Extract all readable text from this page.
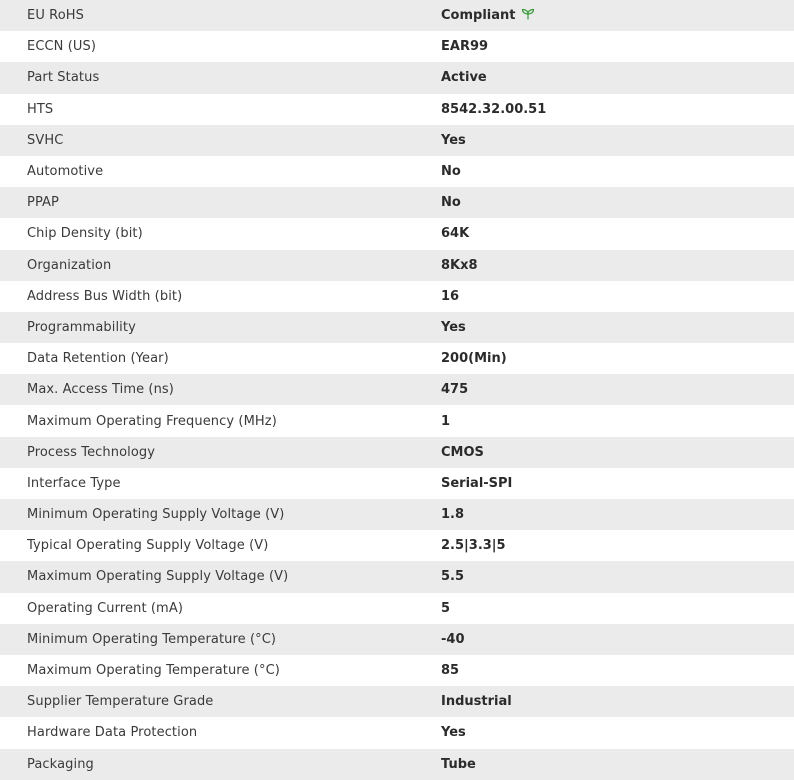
EU RoHS	Compliant
ECCN (US)	EAR99
Part Status	Active
HTS	8542.32.00.51
SVHC	Yes
Automotive	No
PPAP	No
Chip Density (bit)	64K
Organization	8Kx8
Address Bus Width (bit)	16
Programmability	Yes
Data Retention (Year)	200(Min)
Max. Access Time (ns)	475
Maximum Operating Frequency (MHz)	1
Process Technology	CMOS
Interface Type	Serial-SPI
Minimum Operating Supply Voltage (V)	1.8
Typical Operating Supply Voltage (V)	2.5|3.3|5
Maximum Operating Supply Voltage (V)	5.5
Operating Current (mA)	5
Minimum Operating Temperature (°C)	-40
Maximum Operating Temperature (°C)	85
Supplier Temperature Grade	Industrial
Hardware Data Protection	Yes
Packaging	Tube
